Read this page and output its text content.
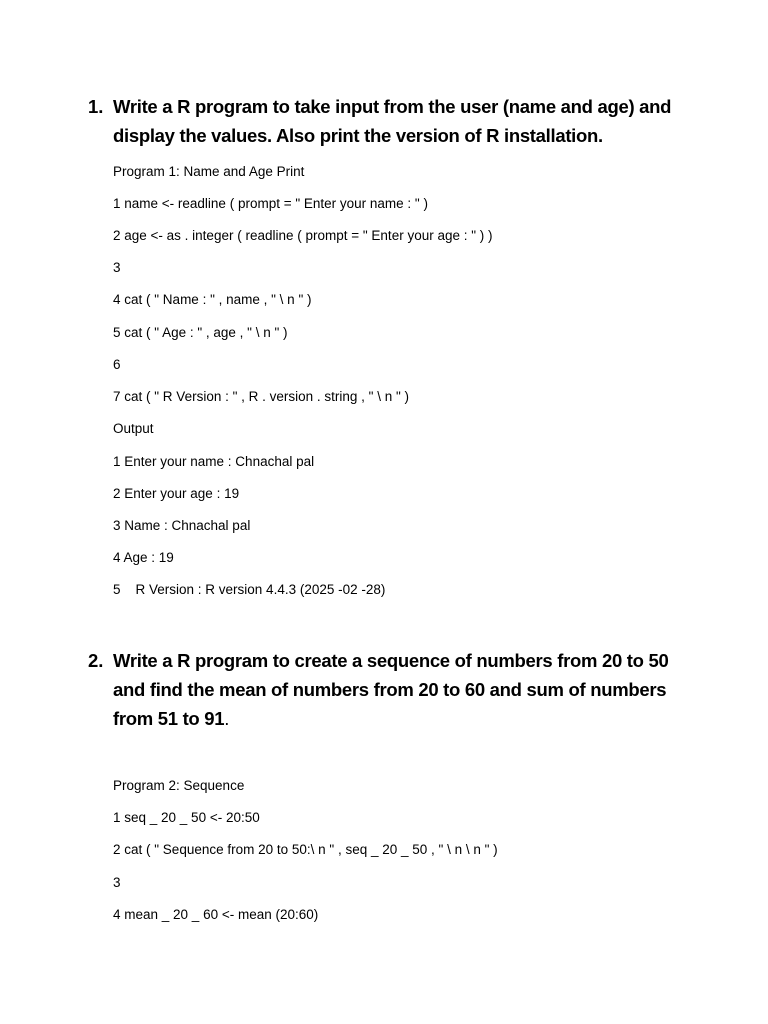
1. Write a R program to take input from the user (name and age) and display the values. Also print the version of R installation.
Program 1: Name and Age Print
1 name <- readline ( prompt = " Enter your name : " )
2 age <- as . integer ( readline ( prompt = " Enter your age : " ) )
3
4 cat ( " Name : " , name , " \ n " )
5 cat ( " Age : " , age , " \ n " )
6
7 cat ( " R Version : " , R . version . string , " \ n " )
Output
1 Enter your name : Chnachal pal
2 Enter your age : 19
3 Name : Chnachal pal
4 Age : 19
5    R Version : R version 4.4.3 (2025 -02 -28)
2. Write a R program to create a sequence of numbers from 20 to 50 and find the mean of numbers from 20 to 60 and sum of numbers from 51 to 91.
Program 2: Sequence
1 seq _ 20 _ 50 <- 20:50
2 cat ( " Sequence from 20 to 50:\ n " , seq _ 20 _ 50 , " \ n \ n " )
3
4 mean _ 20 _ 60 <- mean (20:60)
